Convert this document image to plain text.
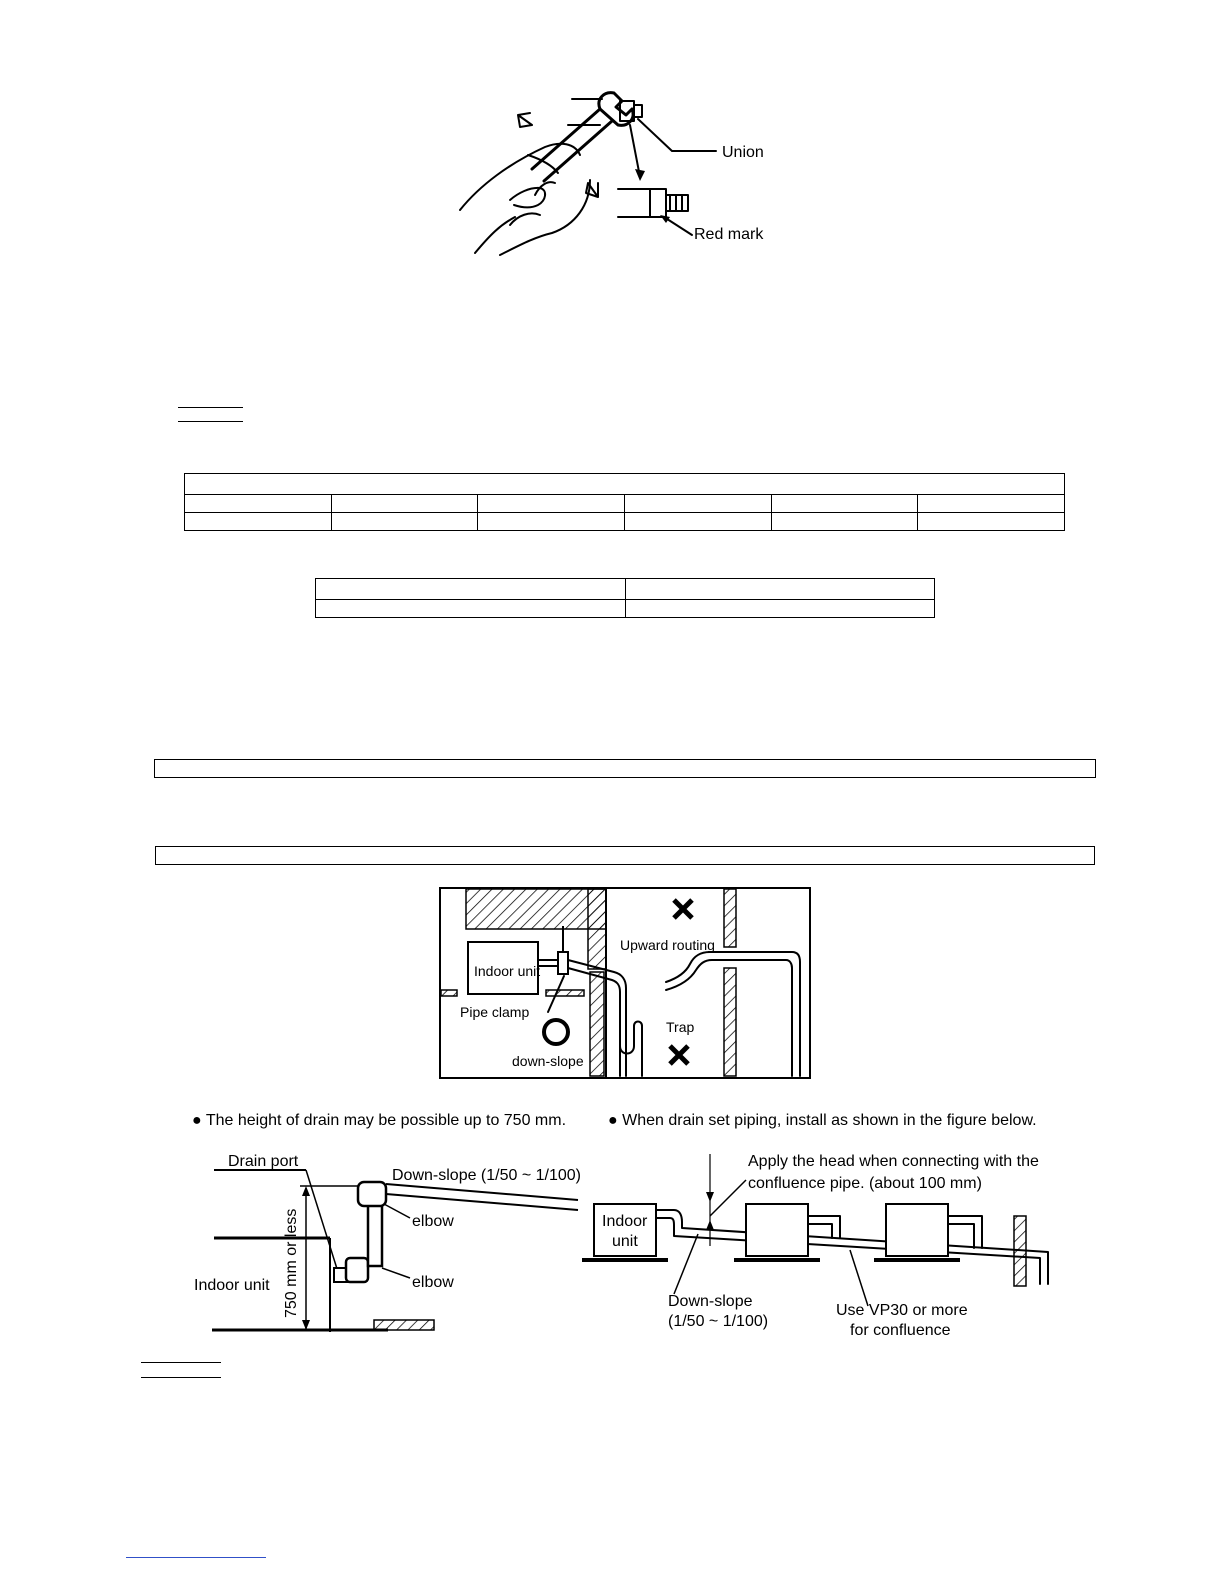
Union
Red mark

Indoor unit
Pipe clamp
down-slope
Upward routing
Trap
● The height of drain may be possible up to 750 mm.	● When drain set piping, install as shown in the figure below.
Drain port
Down-slope (1/50 ~ 1/100)
750 mm or less	elbow
elbow
Indoor unit
Apply the head when connecting with the
confluence pipe. (about 100 mm)
Indoor
unit
Down-slope
(1/50 ~ 1/100)
Use VP30 or more
for confluence
